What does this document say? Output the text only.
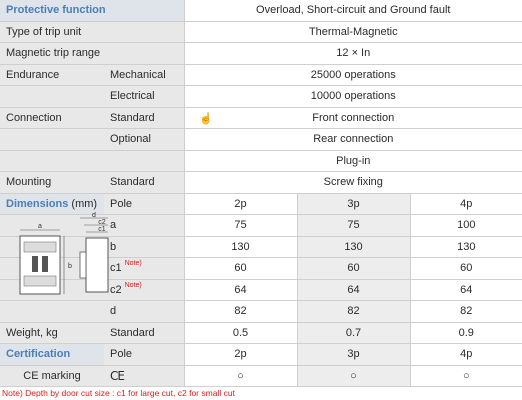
Protective function		Overload, Short-circuit and Ground fault		
Type of trip unit		Thermal-Magnetic		
Magnetic trip range		12 × In		
Endurance	Mechanical	25000 operations		
	Electrical	10000 operations		
Connection	Standard	Front connection		
	Optional	Rear connection		
		Plug-in		
Mounting	Standard	Screw fixing		
Dimensions (mm)	Pole	2p	3p	4p
	a	75	75	100
	b	130	130	130
	c1 $^{Note)}$	60	60	60
	c2 $^{Note)}$	64	64	64
	d	82	82	82
Weight, kg	Standard	0.5	0.7	0.9
Certification	Pole	2p	3p	4p
CE marking	CE	○	○	○
☝
a
b
d
c2
c1
Note) Depth by door cut size : c1 for large cut, c2 for small cut
